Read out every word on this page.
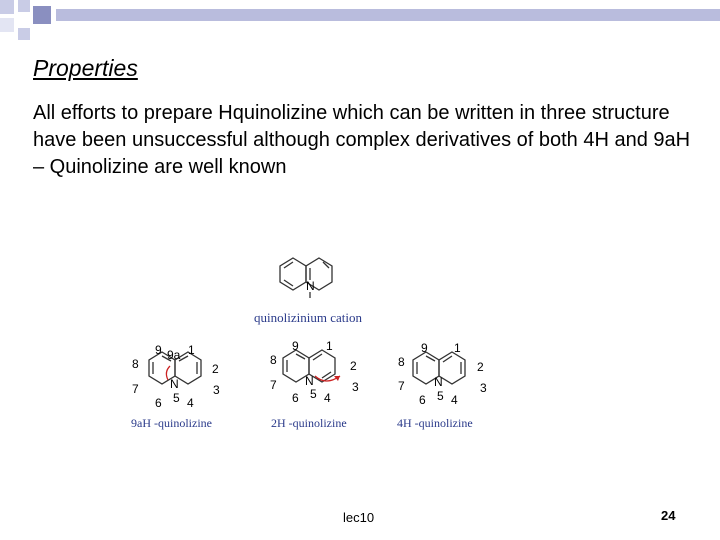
Properties

All efforts to prepare Hquinolizine which can be written in three structure have been unsuccessful although complex derivatives of both 4H and 9aH – Quinolizine are well known

N
9 9a 1
8	2
7	3
6 5 4
N
9 1
8	2
7	3
6 5 4
N
9 1
8	2
7	3
6 5 4
N
quinolizinium cation
9aH -quinolizine	2H -quinolizine	4H -quinolizine
lec10	24
